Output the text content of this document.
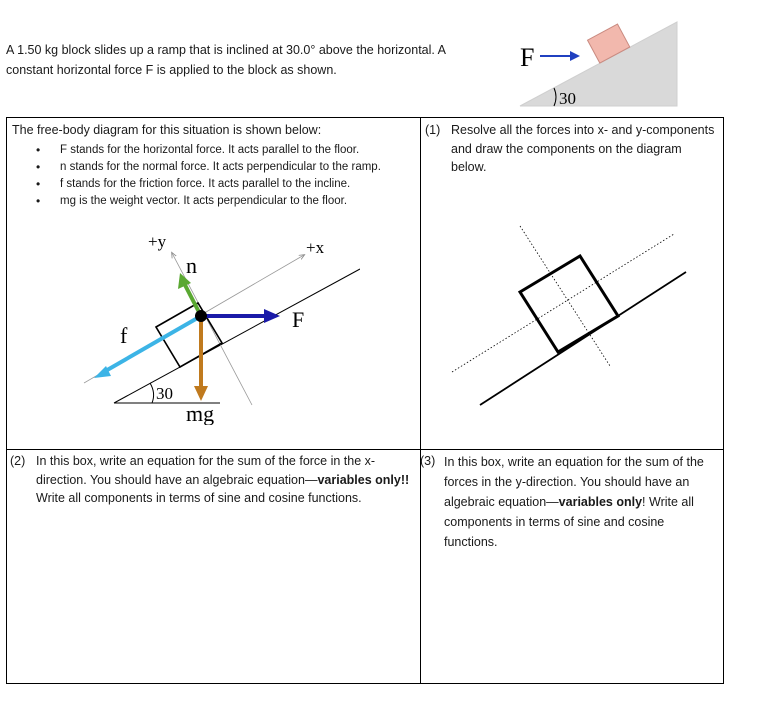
A 1.50 kg block slides up a ramp that is inclined at 30.0° above the horizontal. A
constant horizontal force F is applied to the block as shown.
30
F
The free-body diagram for this situation is shown below:
• F stands for the horizontal force. It acts parallel to the floor.
• n stands for the normal force. It acts perpendicular to the ramp.
• f stands for the friction force. It acts parallel to the incline.
• mg is the weight vector. It acts perpendicular to the floor.
(1) Resolve all the forces into x- and y-components and draw the components on the diagram below.
(2) In this box, write an equation for the sum of the force in the x-direction. You should have an algebraic equation—variables only!! Write all components in terms of sine and cosine functions.
(3) In this box, write an equation for the sum of the forces in the y-direction. You should have an algebraic equation—variables only! Write all components in terms of sine and cosine functions.
30
+x
+y
n
f
F
mg
